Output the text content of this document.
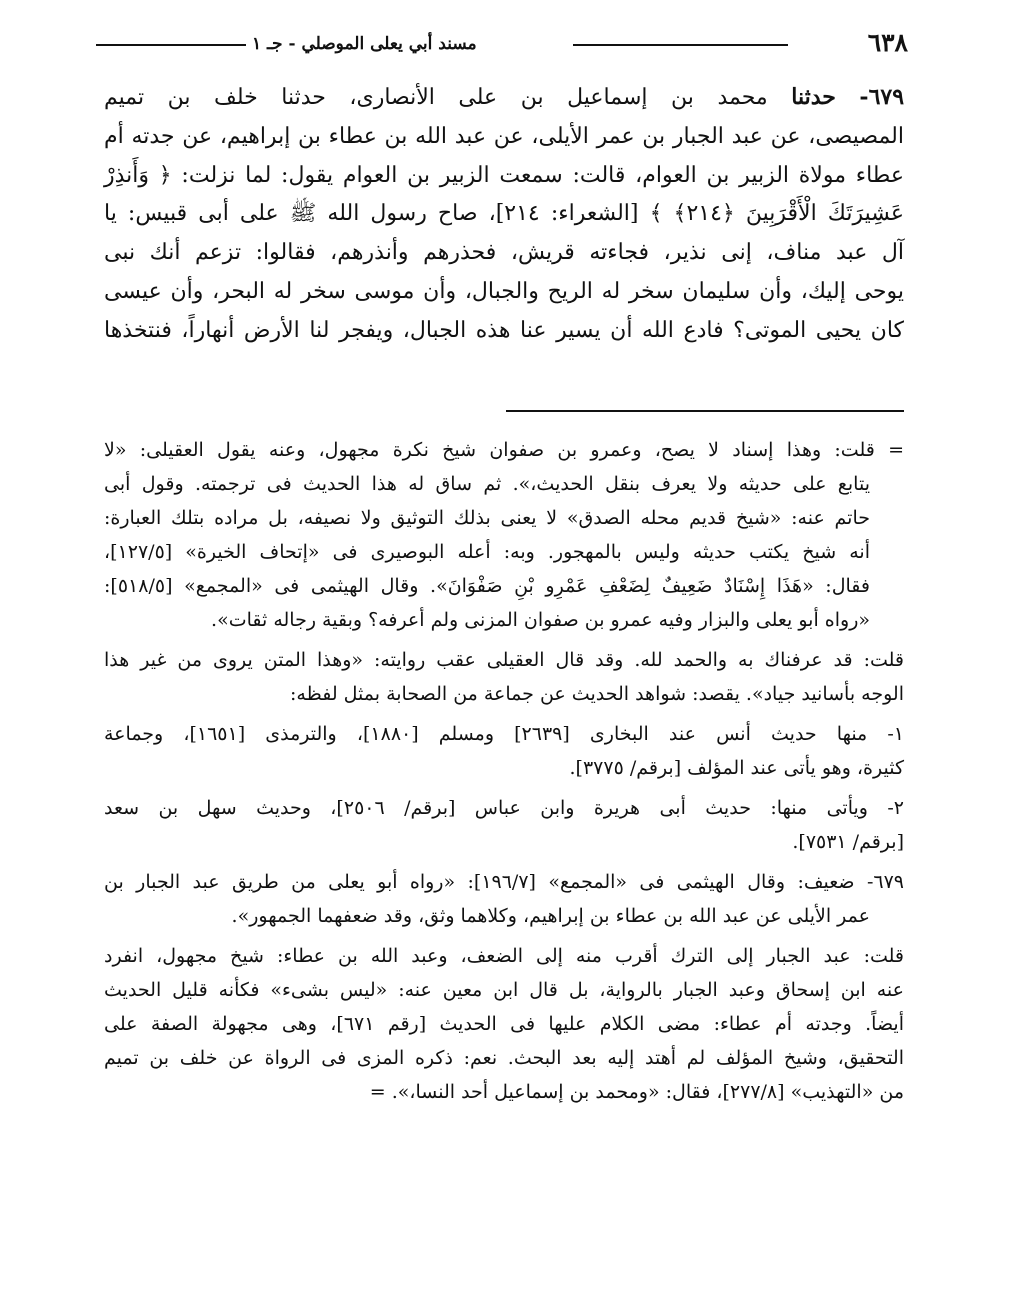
٦٣٨
مسند أبي يعلى الموصلي - جـ ١

٦٧٩- حدثنا محمد بن إسماعيل بن على الأنصارى، حدثنا خلف بن تميم

المصيصى، عن عبد الجبار بن عمر الأيلى، عن عبد الله بن عطاء بن إبراهيم، عن جدته أم

عطاء مولاة الزبير بن العوام، قالت: سمعت الزبير بن العوام يقول: لما نزلت: ﴿ وَأَنذِرْ

عَشِيرَتَكَ الْأَقْرَبِينَ ﴿٢١٤﴾ ﴾ [الشعراء: ٢١٤]، صاح رسول الله ﷺ على أبى قبيس: يا

آل عبد مناف، إنى نذير، فجاءته قريش، فحذرهم وأنذرهم، فقالوا: تزعم أنك نبى

يوحى إليك، وأن سليمان سخر له الريح والجبال، وأن موسى سخر له البحر، وأن عيسى

كان يحيى الموتى؟ فادع الله أن يسير عنا هذه الجبال، ويفجر لنا الأرض أنهاراً، فنتخذها

= قلت: وهذا إسناد لا يصح، وعمرو بن صفوان شيخ نكرة مجهول، وعنه يقول العقيلى: «لا

يتابع على حديثه ولا يعرف بنقل الحديث،». ثم ساق له هذا الحديث فى ترجمته. وقول أبى

حاتم عنه: «شيخ قديم محله الصدق» لا يعنى بذلك التوثيق ولا نصيفه، بل مراده بتلك العبارة:

أنه شيخ يكتب حديثه وليس بالمهجور. وبه: أعله البوصيرى فى «إتحاف الخيرة» [١٢٧/٥]،

فقال: «هَذَا إِسْنَادٌ ضَعِيفٌ لِضَعْفِ عَمْرِو بْنِ صَفْوَانَ». وقال الهيثمى فى «المجمع» [٥١٨/٥]:

«رواه أبو يعلى والبزار وفيه عمرو بن صفوان المزنى ولم أعرفه؟ وبقية رجاله ثقات».

قلت: قد عرفناك به والحمد لله. وقد قال العقيلى عقب روايته: «وهذا المتن يروى من غير هذا

الوجه بأسانيد جياد». يقصد: شواهد الحديث عن جماعة من الصحابة بمثل لفظه:

١- منها حديث أنس عند البخارى [٢٦٣٩] ومسلم [١٨٨٠]، والترمذى [١٦٥١]، وجماعة

كثيرة، وهو يأتى عند المؤلف [برقم/ ٣٧٧٥].

٢- ويأتى منها: حديث أبى هريرة وابن عباس [برقم/ ٢٥٠٦]، وحديث سهل بن سعد

[برقم/ ٧٥٣١].

٦٧٩- ضعيف: وقال الهيثمى فى «المجمع» [١٩٦/٧]: «رواه أبو يعلى من طريق عبد الجبار بن

عمر الأيلى عن عبد الله بن عطاء بن إبراهيم، وكلاهما وثق، وقد ضعفهما الجمهور».

قلت: عبد الجبار إلى الترك أقرب منه إلى الضعف، وعبد الله بن عطاء: شيخ مجهول، انفرد

عنه ابن إسحاق وعبد الجبار بالرواية، بل قال ابن معين عنه: «ليس بشىء» فكأنه قليل الحديث

أيضاً. وجدته أم عطاء: مضى الكلام عليها فى الحديث [رقم ٦٧١]، وهى مجهولة الصفة على

التحقيق، وشيخ المؤلف لم أهتد إليه بعد البحث. نعم: ذكره المزى فى الرواة عن خلف بن تميم

من «التهذيب» [٢٧٧/٨]، فقال: «ومحمد بن إسماعيل أحد النسا،». =
